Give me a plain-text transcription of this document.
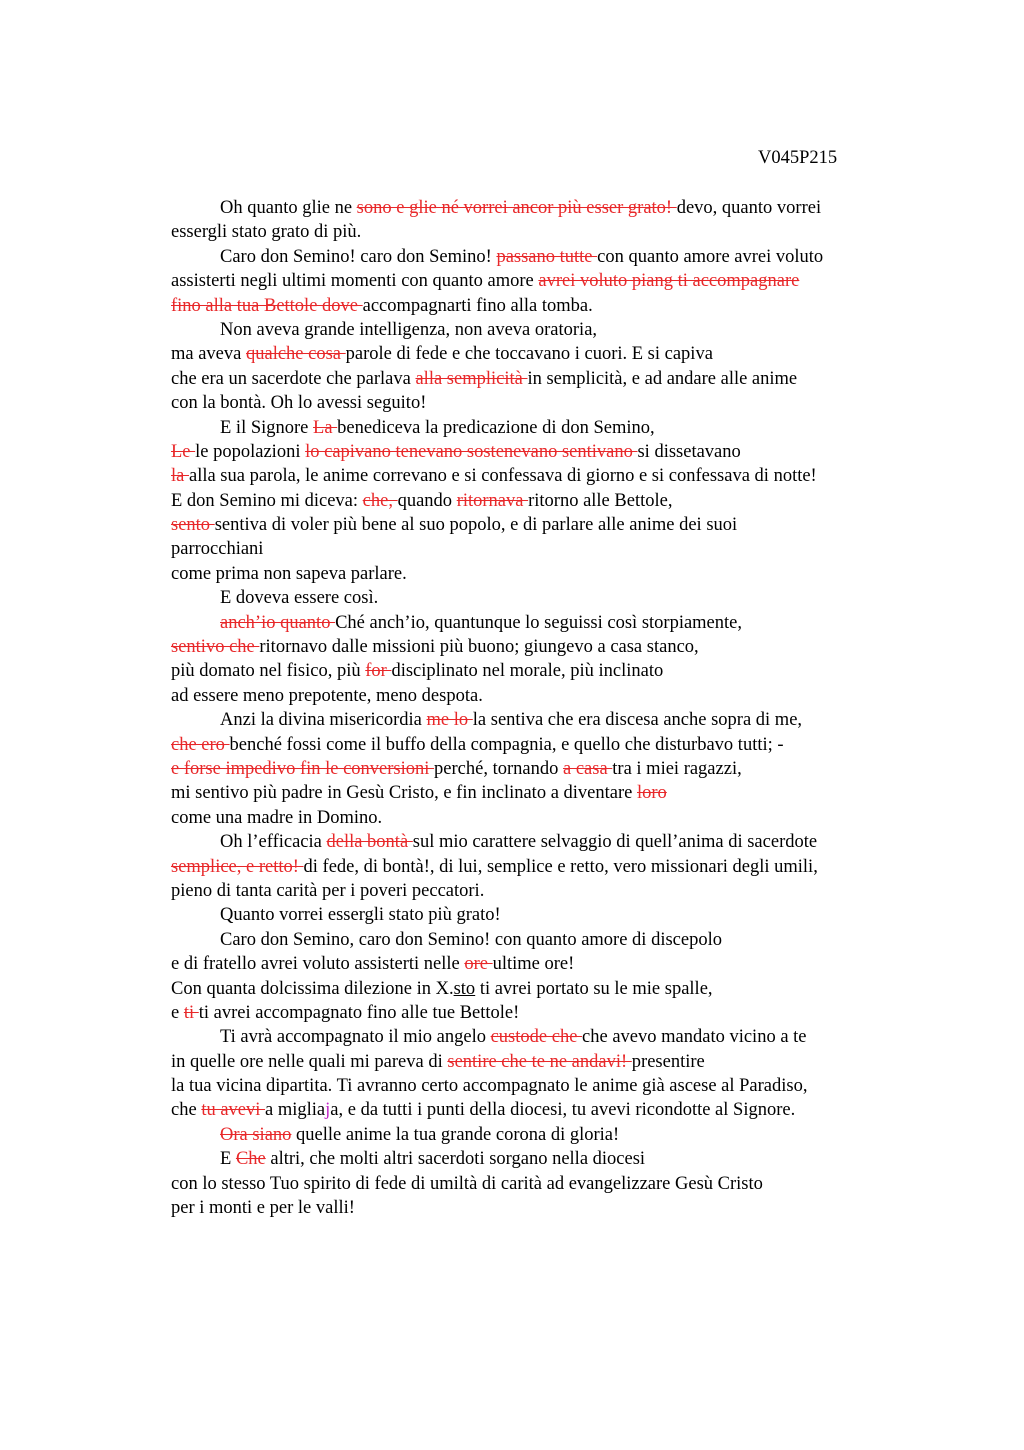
V045P215
Oh quanto glie ne sono e glie né vorrei ancor più esser grato! devo, quanto vorrei
essergli stato grato di più.
Caro don Semino! caro don Semino! passano tutte con quanto amore avrei voluto
assisterti negli ultimi momenti con quanto amore avrei voluto piang ti accompagnare
fino alla tua Bettole dove accompagnarti fino alla tomba.
Non aveva grande intelligenza, non aveva oratoria,
ma aveva qualche cosa parole di fede e che toccavano i cuori. E si capiva
che era un sacerdote che parlava alla semplicità in semplicità, e ad andare alle anime
con la bontà. Oh lo avessi seguito!
E il Signore La benediceva la predicazione di don Semino,
Le le popolazioni lo capivano tenevano sostenevano sentivano si dissetavano
la alla sua parola, le anime correvano e si confessava di giorno e si confessava di notte!
E don Semino mi diceva: che, quando ritornava ritorno alle Bettole,
sento sentiva di voler più bene al suo popolo, e di parlare alle anime dei suoi
parrocchiani
come prima non sapeva parlare.
E doveva essere così.
anch’io quanto Ché anch’io, quantunque lo seguissi così storpiamente,
sentivo che ritornavo dalle missioni più buono; giungevo a casa stanco,
più domato nel fisico, più for disciplinato nel morale, più inclinato
ad essere meno prepotente, meno despota.
Anzi la divina misericordia me lo la sentiva che era discesa anche sopra di me,
che ero benché fossi come il buffo della compagnia, e quello che disturbavo tutti; -
e forse impedivo fin le conversioni perché, tornando a casa tra i miei ragazzi,
mi sentivo più padre in Gesù Cristo, e fin inclinato a diventare loro
come una madre in Domino.
Oh l’efficacia della bontà sul mio carattere selvaggio di quell’anima di sacerdote
semplice, e retto! di fede, di bontà!, di lui, semplice e retto, vero missionari degli umili,
pieno di tanta carità per i poveri peccatori.
Quanto vorrei essergli stato più grato!
Caro don Semino, caro don Semino! con quanto amore di discepolo
e di fratello avrei voluto assisterti nelle ore ultime ore!
Con quanta dolcissima dilezione in X.sto ti avrei portato su le mie spalle,
e ti ti avrei accompagnato fino alle tue Bettole!
Ti avrà accompagnato il mio angelo custode che che avevo mandato vicino a te
in quelle ore nelle quali mi pareva di sentire che te ne andavi! presentire
la tua vicina dipartita. Ti avranno certo accompagnato le anime già ascese al Paradiso,
che tu avevi a migliaja, e da tutti i punti della diocesi, tu avevi ricondotte al Signore.
Ora siano quelle anime la tua grande corona di gloria!
E Che altri, che molti altri sacerdoti sorgano nella diocesi
con lo stesso Tuo spirito di fede di umiltà di carità ad evangelizzare Gesù Cristo
per i monti e per le valli!
